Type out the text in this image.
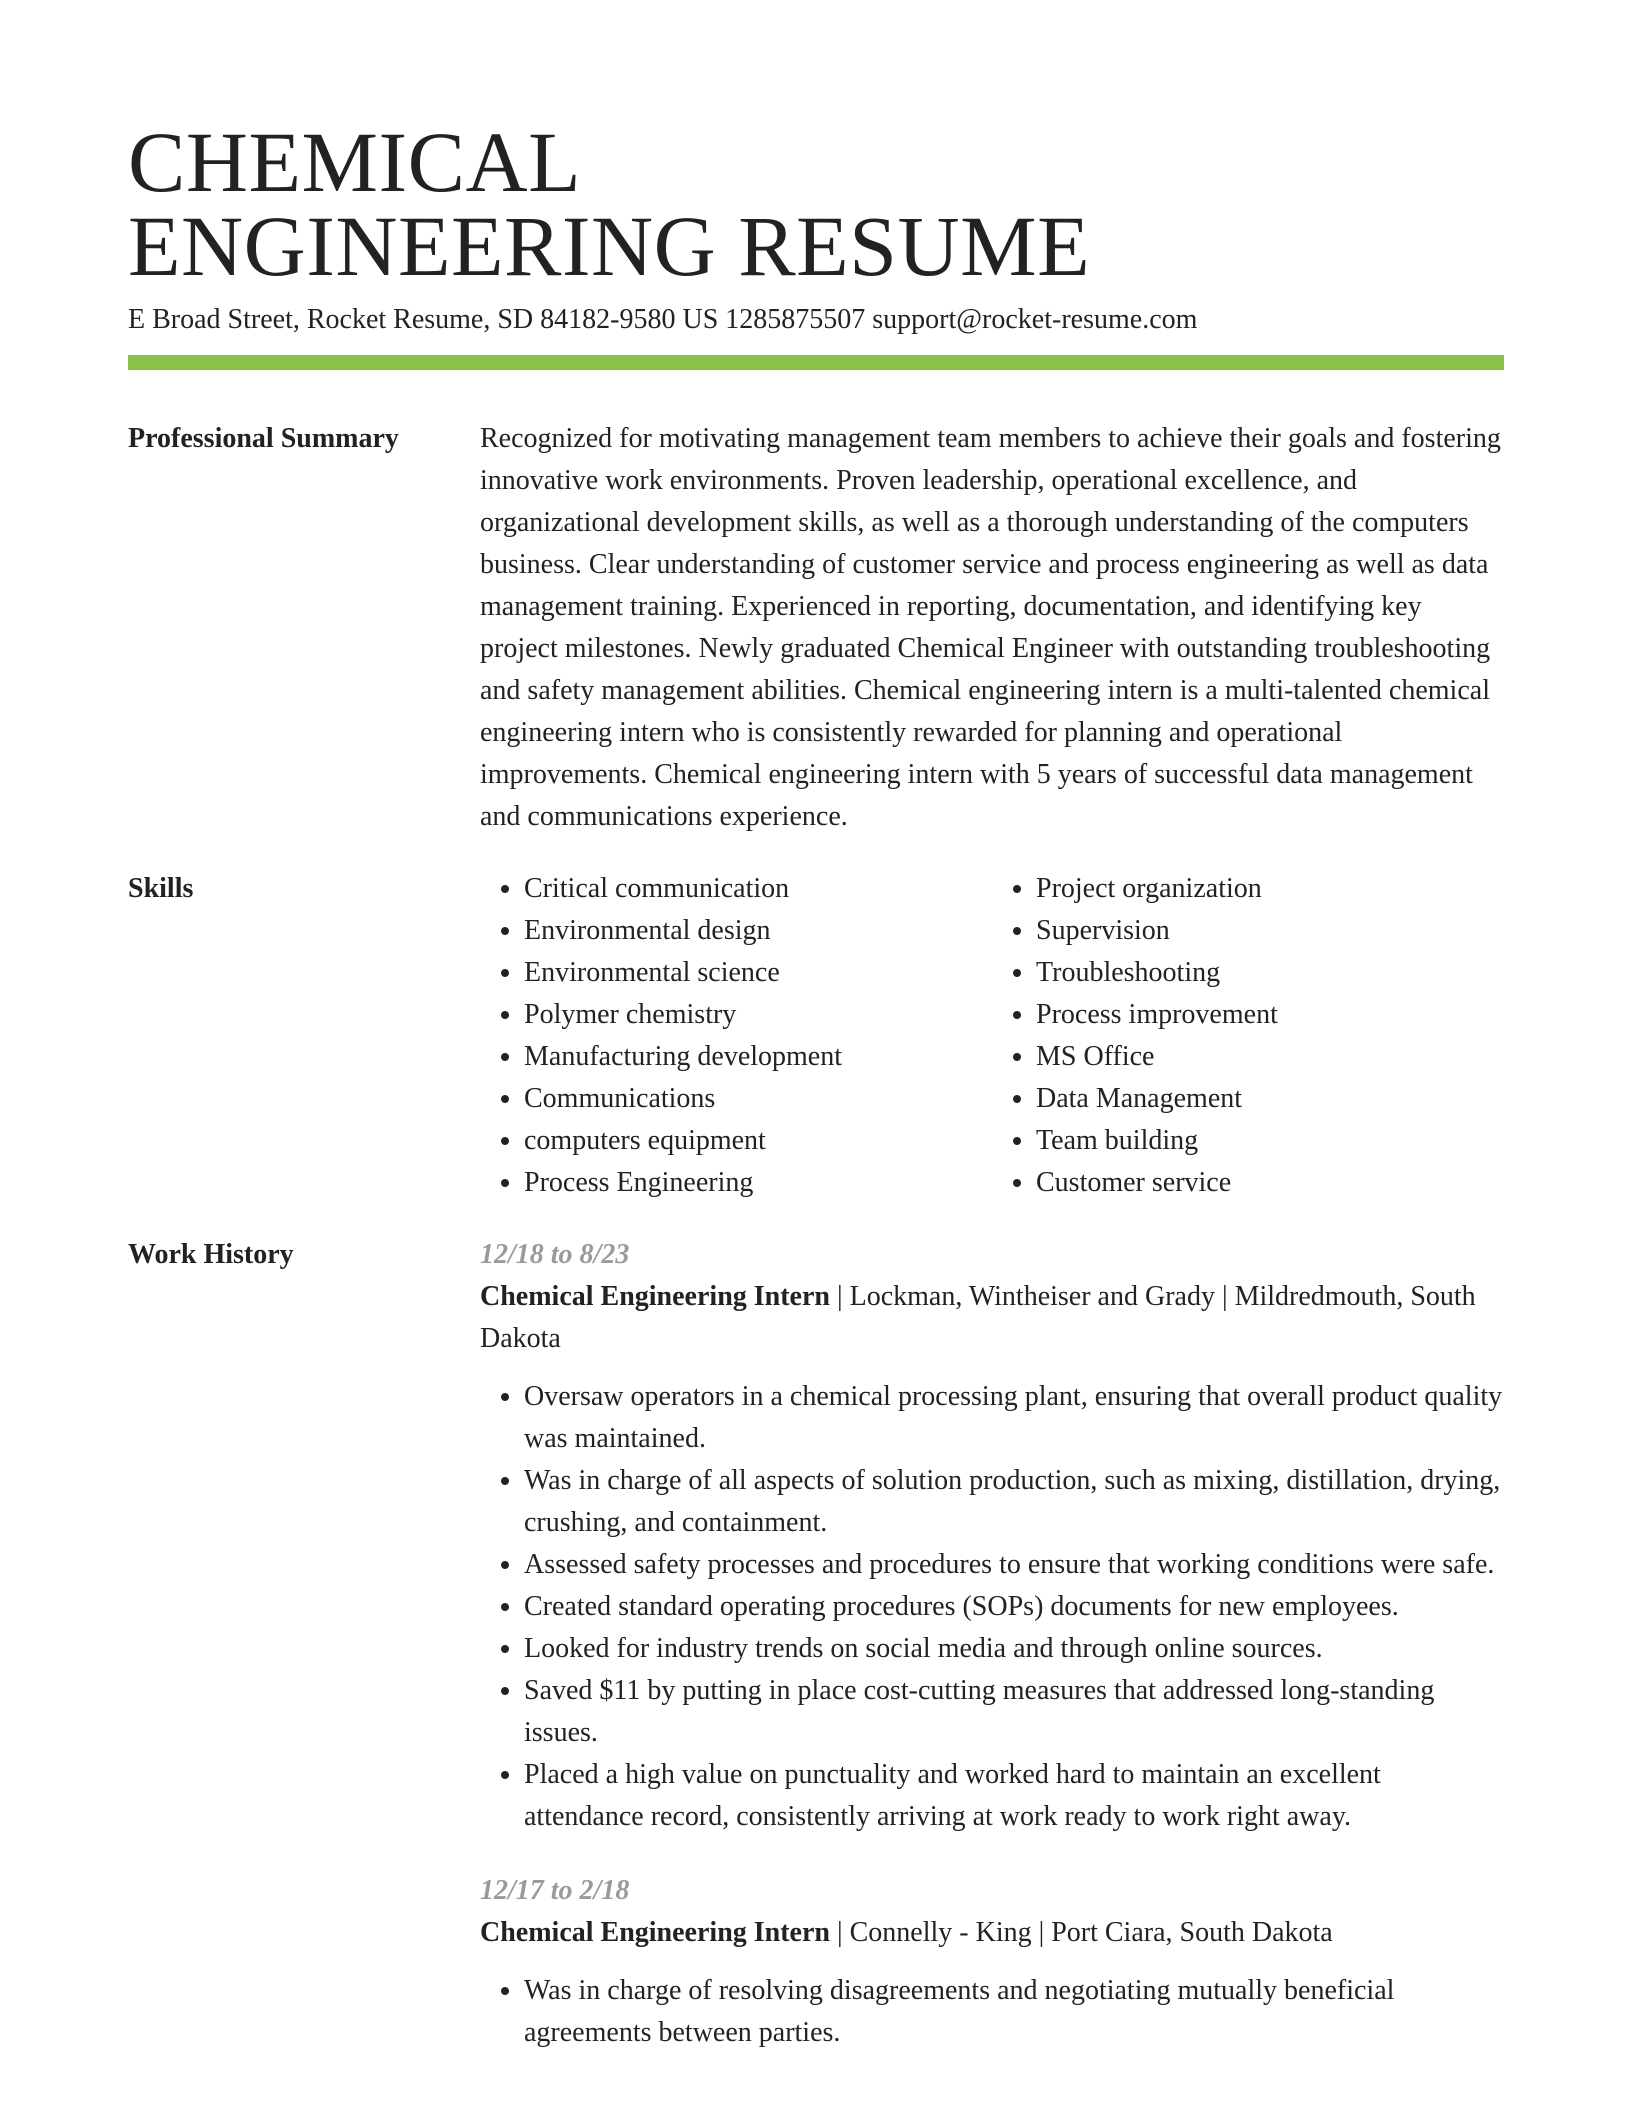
CHEMICAL
ENGINEERING RESUME
E Broad Street, Rocket Resume, SD 84182-9580 US 1285875507 support@rocket-resume.com
Professional Summary	Recognized for motivating management team members to achieve their goals and fostering innovative work environments. Proven leadership, operational excellence, and organizational development skills, as well as a thorough understanding of the computers business. Clear understanding of customer service and process engineering as well as data management training. Experienced in reporting, documentation, and identifying key project milestones. Newly graduated Chemical Engineer with outstanding troubleshooting and safety management abilities. Chemical engineering intern is a multi-talented chemical engineering intern who is consistently rewarded for planning and operational improvements. Chemical engineering intern with 5 years of successful data management and communications experience.
Skills
•	Critical communication
• Environmental design
• Environmental science
• Polymer chemistry
• Manufacturing development
• Communications
• computers equipment
• Process Engineering
• Project organization
• Supervision
• Troubleshooting
• Process improvement
• MS Office
• Data Management
• Team building
• Customer service
Work History	12/18 to 8/23
Chemical Engineering Intern | Lockman, Wintheiser and Grady | Mildredmouth, South Dakota
• Oversaw operators in a chemical processing plant, ensuring that overall product quality was maintained.
• Was in charge of all aspects of solution production, such as mixing, distillation, drying, crushing, and containment.
• Assessed safety processes and procedures to ensure that working conditions were safe.
• Created standard operating procedures (SOPs) documents for new employees.
• Looked for industry trends on social media and through online sources.
• Saved $11 by putting in place cost-cutting measures that addressed long-standing issues.
• Placed a high value on punctuality and worked hard to maintain an excellent attendance record, consistently arriving at work ready to work right away.
12/17 to 2/18
Chemical Engineering Intern | Connelly - King | Port Ciara, South Dakota
• Was in charge of resolving disagreements and negotiating mutually beneficial agreements between parties.
